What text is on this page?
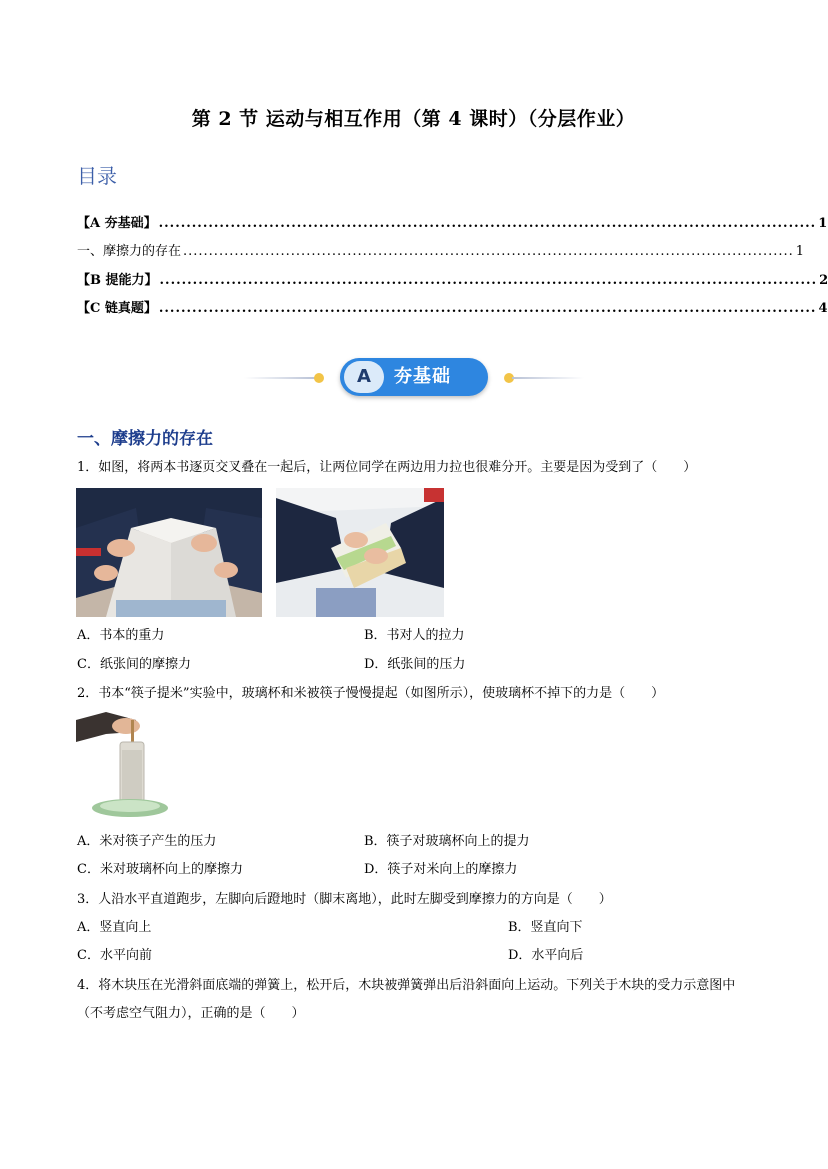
第 2 节 运动与相互作用（第 4 课时）（分层作业）
目录
【A 夯基础】 ....................................................................................................................... 1
一、摩擦力的存在 ....................................................................................................................... 1
【B 提能力】 ....................................................................................................................... 2
【C 链真题】 ....................................................................................................................... 4
A	夯基础
一、摩擦力的存在
1．如图，将两本书逐页交叉叠在一起后，让两位同学在两边用力拉也很难分开。主要是因为受到了（　　）
A．书本的重力	B．书对人的拉力
C．纸张间的摩擦力	D．纸张间的压力
2．书本“筷子提米”实验中，玻璃杯和米被筷子慢慢提起（如图所示），使玻璃杯不掉下的力是（　　）
A．米对筷子产生的压力	B．筷子对玻璃杯向上的提力
C．米对玻璃杯向上的摩擦力	D．筷子对米向上的摩擦力
3．人沿水平直道跑步，左脚向后蹬地时（脚末离地），此时左脚受到摩擦力的方向是（　　）
A．竖直向上	B．竖直向下
C．水平向前	D．水平向后
4．将木块压在光滑斜面底端的弹簧上，松开后，木块被弹簧弹出后沿斜面向上运动。下列关于木块的受力示意图中（不考虑空气阻力），正确的是（　　）
